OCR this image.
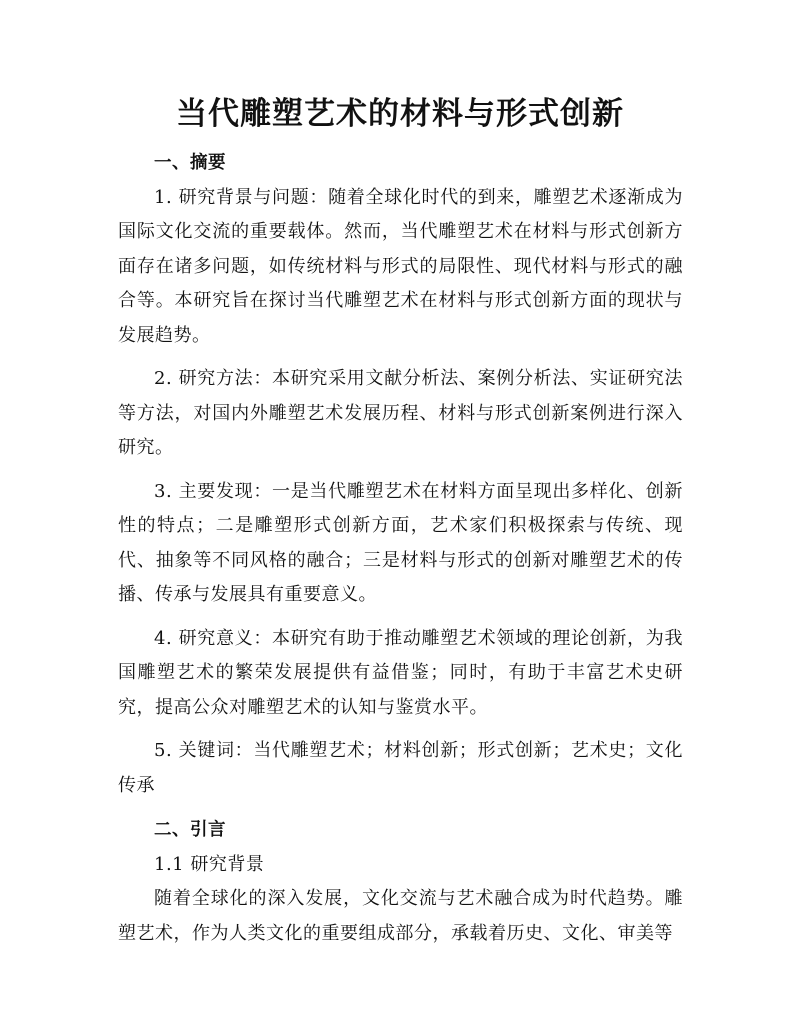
当代雕塑艺术的材料与形式创新

一、摘要

1. 研究背景与问题：随着全球化时代的到来，雕塑艺术逐渐成为国际文化交流的重要载体。然而，当代雕塑艺术在材料与形式创新方面存在诸多问题，如传统材料与形式的局限性、现代材料与形式的融合等。本研究旨在探讨当代雕塑艺术在材料与形式创新方面的现状与发展趋势。

2. 研究方法：本研究采用文献分析法、案例分析法、实证研究法等方法，对国内外雕塑艺术发展历程、材料与形式创新案例进行深入研究。

3. 主要发现：一是当代雕塑艺术在材料方面呈现出多样化、创新性的特点；二是雕塑形式创新方面，艺术家们积极探索与传统、现代、抽象等不同风格的融合；三是材料与形式的创新对雕塑艺术的传播、传承与发展具有重要意义。

4. 研究意义：本研究有助于推动雕塑艺术领域的理论创新，为我国雕塑艺术的繁荣发展提供有益借鉴；同时，有助于丰富艺术史研究，提高公众对雕塑艺术的认知与鉴赏水平。

5. 关键词：当代雕塑艺术；材料创新；形式创新；艺术史；文化传承

二、引言

1.1 研究背景

随着全球化的深入发展，文化交流与艺术融合成为时代趋势。雕塑艺术，作为人类文化的重要组成部分，承载着历史、文化、审美等
